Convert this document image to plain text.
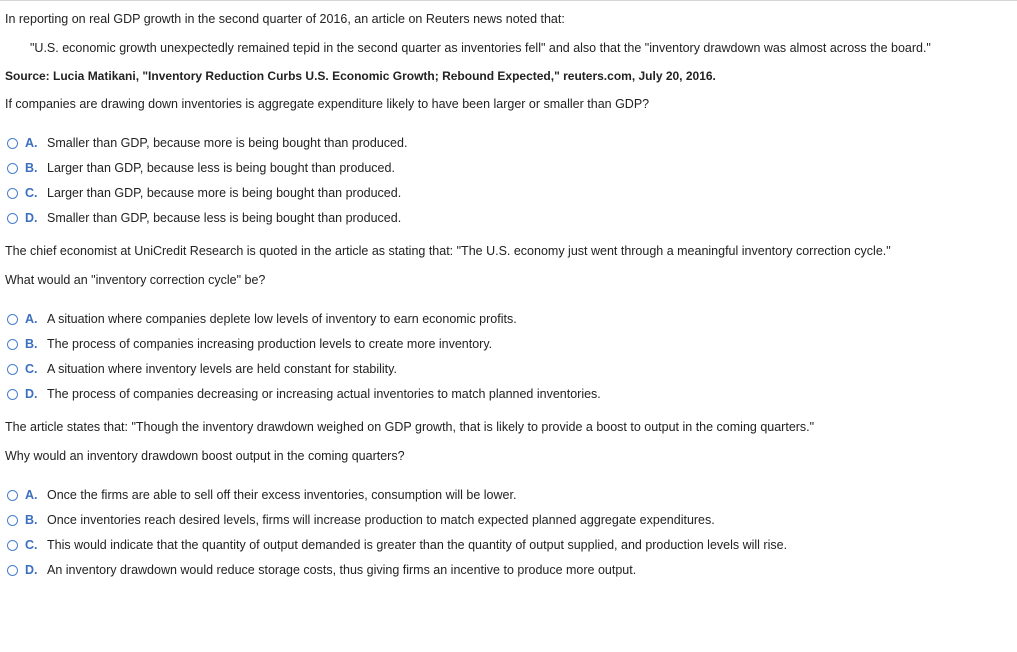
In reporting on real GDP growth in the second quarter of 2016, an article on Reuters news noted that:
"U.S. economic growth unexpectedly remained tepid in the second quarter as inventories fell" and also that the "inventory drawdown was almost across the board."
Source: Lucia Matikani, "Inventory Reduction Curbs U.S. Economic Growth; Rebound Expected," reuters.com, July 20, 2016.
If companies are drawing down inventories is aggregate expenditure likely to have been larger or smaller than GDP?
A. Smaller than GDP, because more is being bought than produced.
B. Larger than GDP, because less is being bought than produced.
C. Larger than GDP, because more is being bought than produced.
D. Smaller than GDP, because less is being bought than produced.
The chief economist at UniCredit Research is quoted in the article as stating that: "The U.S. economy just went through a meaningful inventory correction cycle."
What would an "inventory correction cycle" be?
A. A situation where companies deplete low levels of inventory to earn economic profits.
B. The process of companies increasing production levels to create more inventory.
C. A situation where inventory levels are held constant for stability.
D. The process of companies decreasing or increasing actual inventories to match planned inventories.
The article states that: "Though the inventory drawdown weighed on GDP growth, that is likely to provide a boost to output in the coming quarters."
Why would an inventory drawdown boost output in the coming quarters?
A. Once the firms are able to sell off their excess inventories, consumption will be lower.
B. Once inventories reach desired levels, firms will increase production to match expected planned aggregate expenditures.
C. This would indicate that the quantity of output demanded is greater than the quantity of output supplied, and production levels will rise.
D. An inventory drawdown would reduce storage costs, thus giving firms an incentive to produce more output.
